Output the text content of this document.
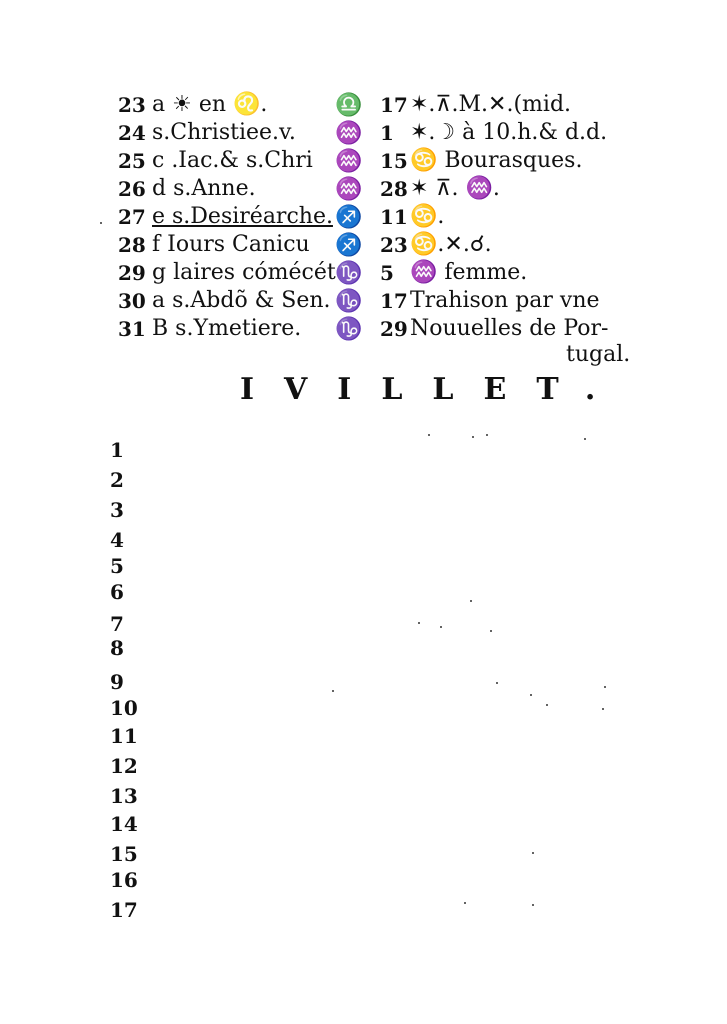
23 a ☀ en ♌.	♎ 17 ✶.⊼.M.✕.(mid.
24 s.Christiee.v.	♒ 1 ✶.☽ à 10.h.& d.d.
25 c .Iac.& s.Chri	♒ 15 ♋ Bourasques.
26 d s.Anne.	♒ 28 ✶ ⊼. ♒.
27 e s.Desiréarche. ♐ 11 ♋.
28 f Iours Canicu	♐ 23 ♋.✕.☌.
29 g laires cómécét ♑ 5 ♒ femme.
30 a s.Abdõ & Sen. ♑ 17 Trahison par vne
31 B s.Ymetiere.	♑ 29 Nouuelles de Por-
tugal.
IVILLET.
1
2
3
4
5
6
7
8
9
10
11
12
13
14
15
16
17
